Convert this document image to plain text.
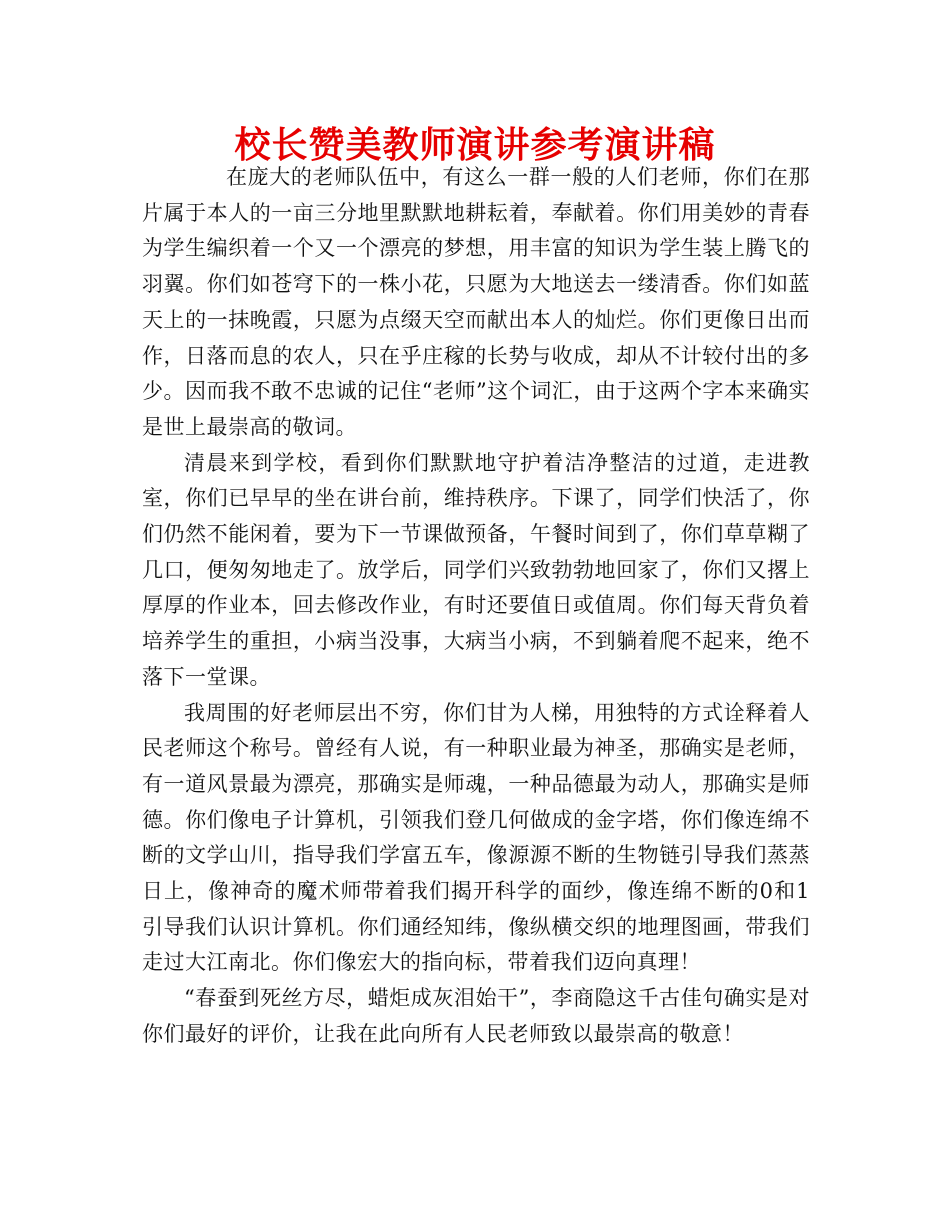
校长赞美教师演讲参考演讲稿

在庞大的老师队伍中，有这么一群一般的人们老师，你们在那片属于本人的一亩三分地里默默地耕耘着，奉献着。你们用美妙的青春为学生编织着一个又一个漂亮的梦想，用丰富的知识为学生装上腾飞的羽翼。你们如苍穹下的一株小花，只愿为大地送去一缕清香。你们如蓝天上的一抹晚霞，只愿为点缀天空而献出本人的灿烂。你们更像日出而作，日落而息的农人，只在乎庄稼的长势与收成，却从不计较付出的多少。因而我不敢不忠诚的记住“老师”这个词汇，由于这两个字本来确实是世上最崇高的敬词。

清晨来到学校，看到你们默默地守护着洁净整洁的过道，走进教室，你们已早早的坐在讲台前，维持秩序。下课了，同学们快活了，你们仍然不能闲着，要为下一节课做预备，午餐时间到了，你们草草糊了几口，便匆匆地走了。放学后，同学们兴致勃勃地回家了，你们又撂上厚厚的作业本，回去修改作业，有时还要值日或值周。你们每天背负着培养学生的重担，小病当没事，大病当小病，不到躺着爬不起来，绝不落下一堂课。

我周围的好老师层出不穷，你们甘为人梯，用独特的方式诠释着人民老师这个称号。曾经有人说，有一种职业最为神圣，那确实是老师，有一道风景最为漂亮，那确实是师魂，一种品德最为动人，那确实是师德。你们像电子计算机，引领我们登几何做成的金字塔，你们像连绵不断的文学山川，指导我们学富五车，像源源不断的生物链引导我们蒸蒸日上，像神奇的魔术师带着我们揭开科学的面纱，像连绵不断的0和1引导我们认识计算机。你们通经知纬，像纵横交织的地理图画，带我们走过大江南北。你们像宏大的指向标，带着我们迈向真理！

“春蚕到死丝方尽，蜡炬成灰泪始干”，李商隐这千古佳句确实是对你们最好的评价，让我在此向所有人民老师致以最崇高的敬意！
